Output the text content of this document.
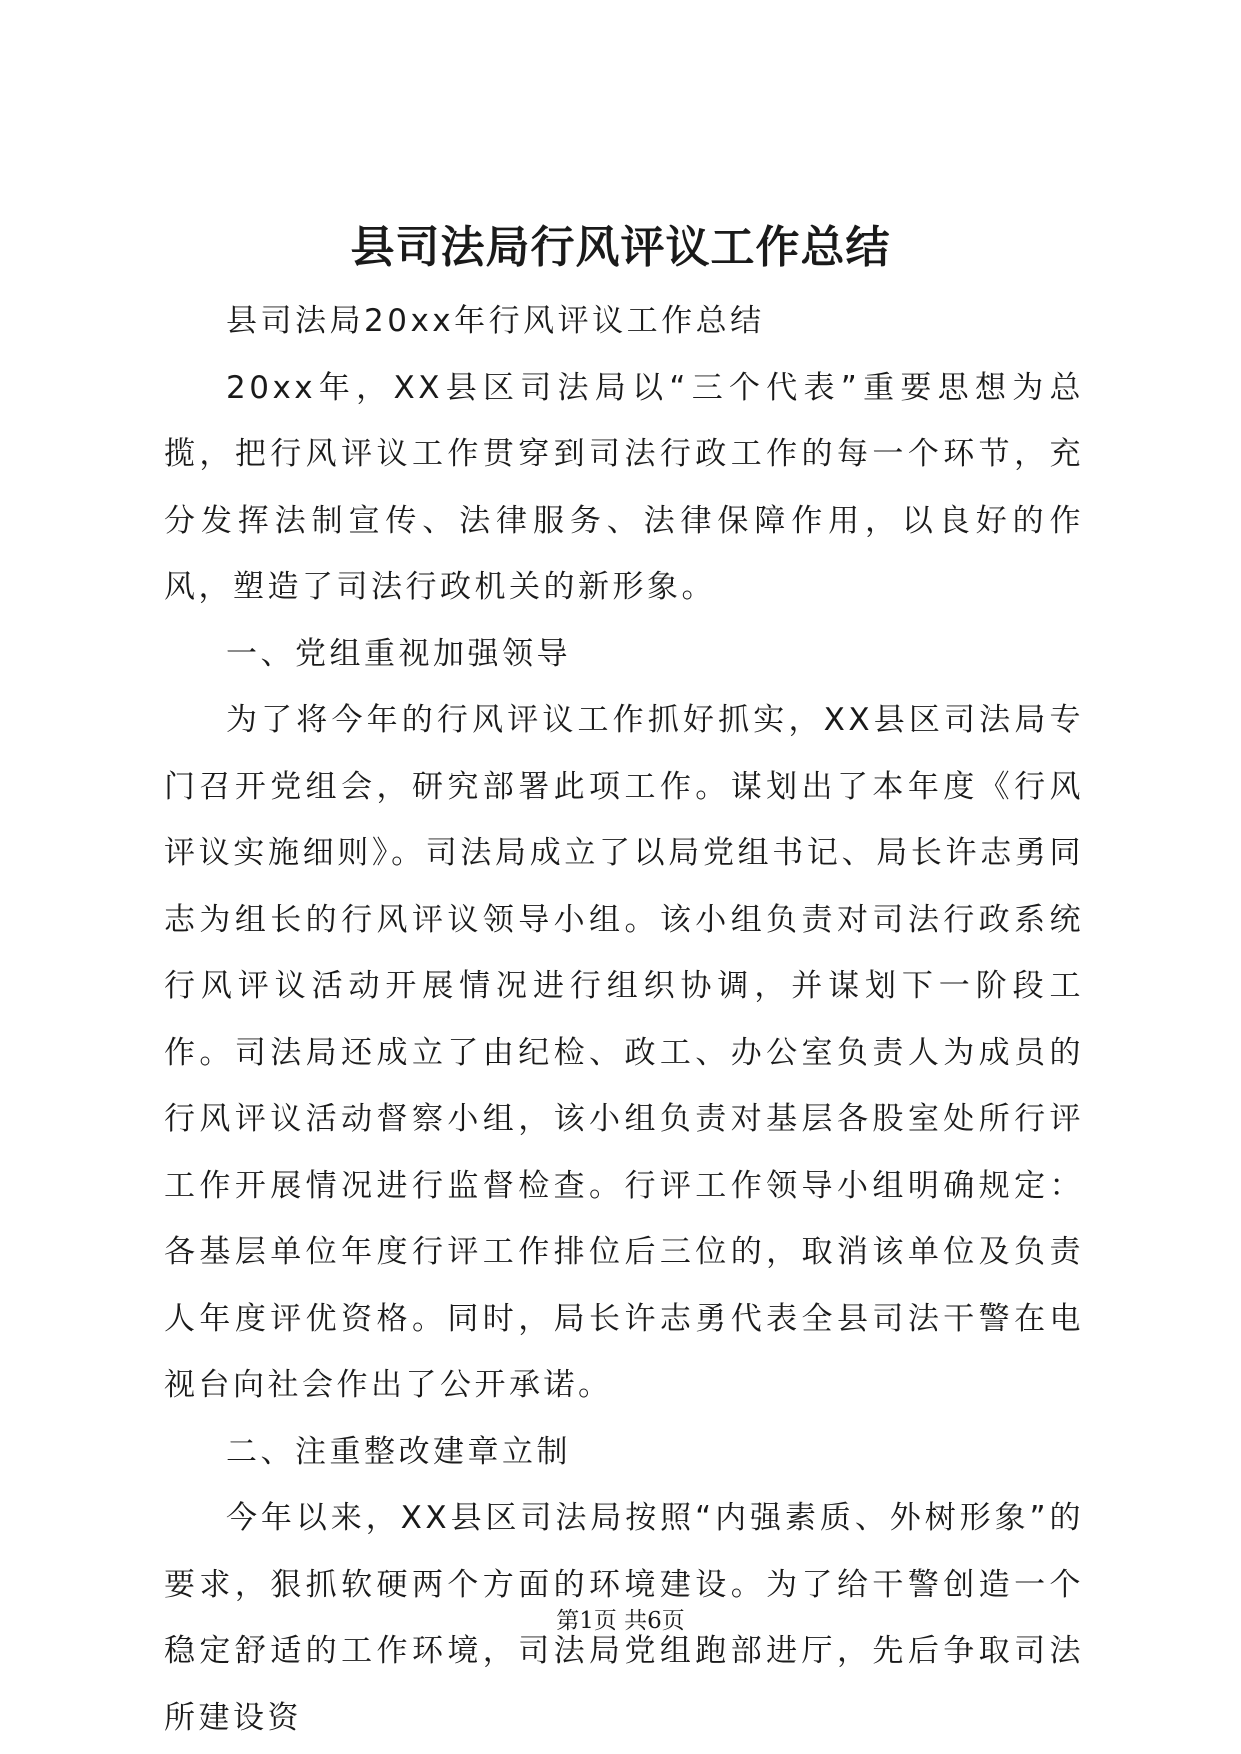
县司法局行风评议工作总结

县司法局20xx年行风评议工作总结

20xx年，XX县区司法局以“三个代表”重要思想为总揽，把行风评议工作贯穿到司法行政工作的每一个环节，充分发挥法制宣传、法律服务、法律保障作用，以良好的作风，塑造了司法行政机关的新形象。

一、党组重视加强领导

为了将今年的行风评议工作抓好抓实，XX县区司法局专门召开党组会，研究部署此项工作。谋划出了本年度《行风评议实施细则》。司法局成立了以局党组书记、局长许志勇同志为组长的行风评议领导小组。该小组负责对司法行政系统行风评议活动开展情况进行组织协调，并谋划下一阶段工作。司法局还成立了由纪检、政工、办公室负责人为成员的行风评议活动督察小组，该小组负责对基层各股室处所行评工作开展情况进行监督检查。行评工作领导小组明确规定：各基层单位年度行评工作排位后三位的，取消该单位及负责人年度评优资格。同时，局长许志勇代表全县司法干警在电视台向社会作出了公开承诺。

二、注重整改建章立制

今年以来，XX县区司法局按照“内强素质、外树形象”的要求，狠抓软硬两个方面的环境建设。为了给干警创造一个稳定舒适的工作环境，司法局党组跑部进厅，先后争取司法所建设资

第1页 共6页
